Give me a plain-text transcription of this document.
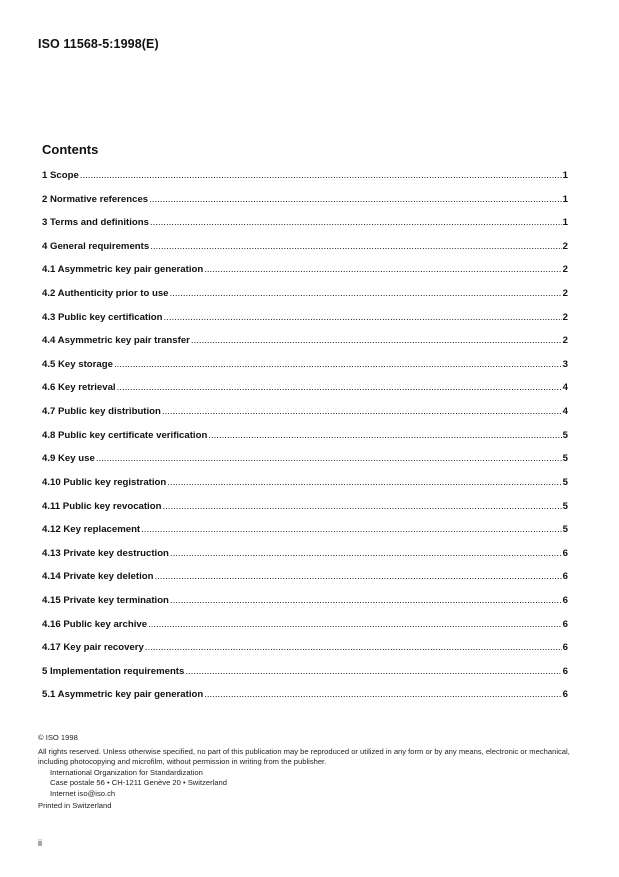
ISO 11568-5:1998(E)
Contents
1 Scope .....	1
2 Normative references .....	1
3 Terms and definitions .....	1
4 General requirements .....	2
4.1 Asymmetric key pair generation .....	2
4.2 Authenticity prior to use .....	2
4.3 Public key certification .....	2
4.4 Asymmetric key pair transfer .....	2
4.5 Key storage .....	3
4.6 Key retrieval .....	4
4.7 Public key distribution .....	4
4.8 Public key certificate verification .....	5
4.9 Key use .....	5
4.10 Public key registration .....	5
4.11 Public key revocation .....	5
4.12 Key replacement .....	5
4.13 Private key destruction .....	6
4.14 Private key deletion .....	6
4.15 Private key termination .....	6
4.16 Public key archive .....	6
4.17 Key pair recovery .....	6
5 Implementation requirements .....	6
5.1 Asymmetric key pair generation .....	6
© ISO 1998
All rights reserved. Unless otherwise specified, no part of this publication may be reproduced or utilized in any form or by any means, electronic or mechanical, including photocopying and microfilm, without permission in writing from the publisher.
International Organization for Standardization
Case postale 56 • CH-1211 Genève 20 • Switzerland
Internet iso@iso.ch
Printed in Switzerland
ii
